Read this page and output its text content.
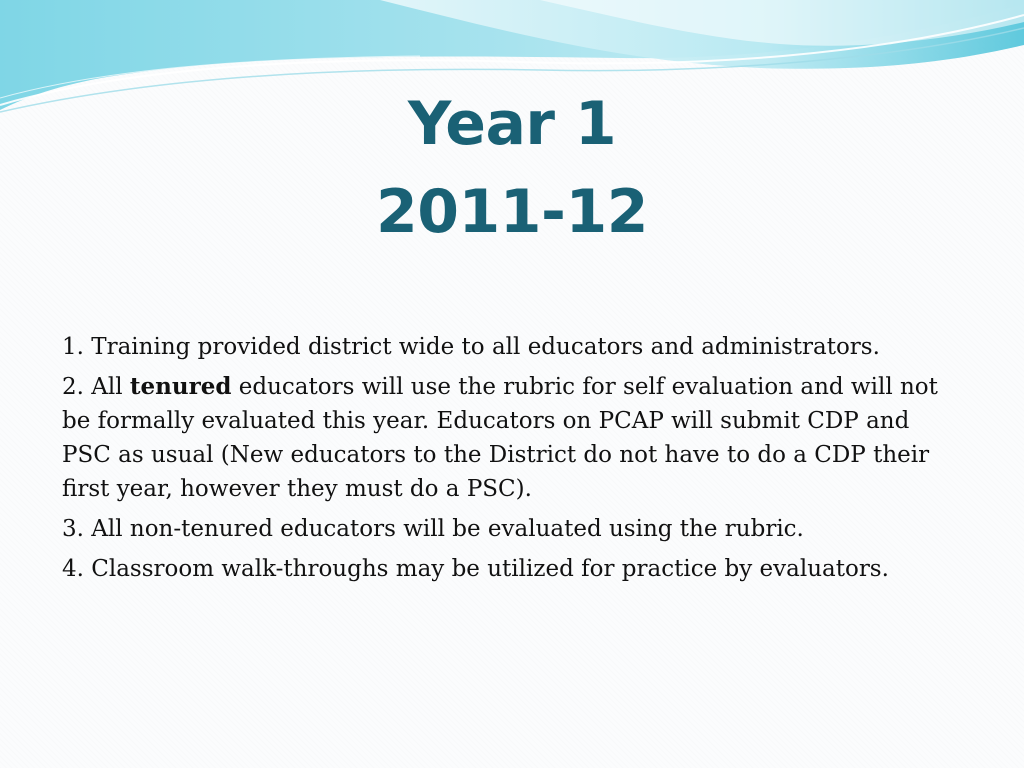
Year 1
2011-12

1. Training provided district wide to all educators and administrators.

2. All tenured educators will use the rubric for self evaluation and will not be formally evaluated this year. Educators on PCAP will submit CDP and PSC as usual (New educators to the District do not have to do a CDP their first year, however they must do a PSC).

3. All non-tenured educators will be evaluated using the rubric.

4. Classroom walk-throughs may be utilized for practice by evaluators.
